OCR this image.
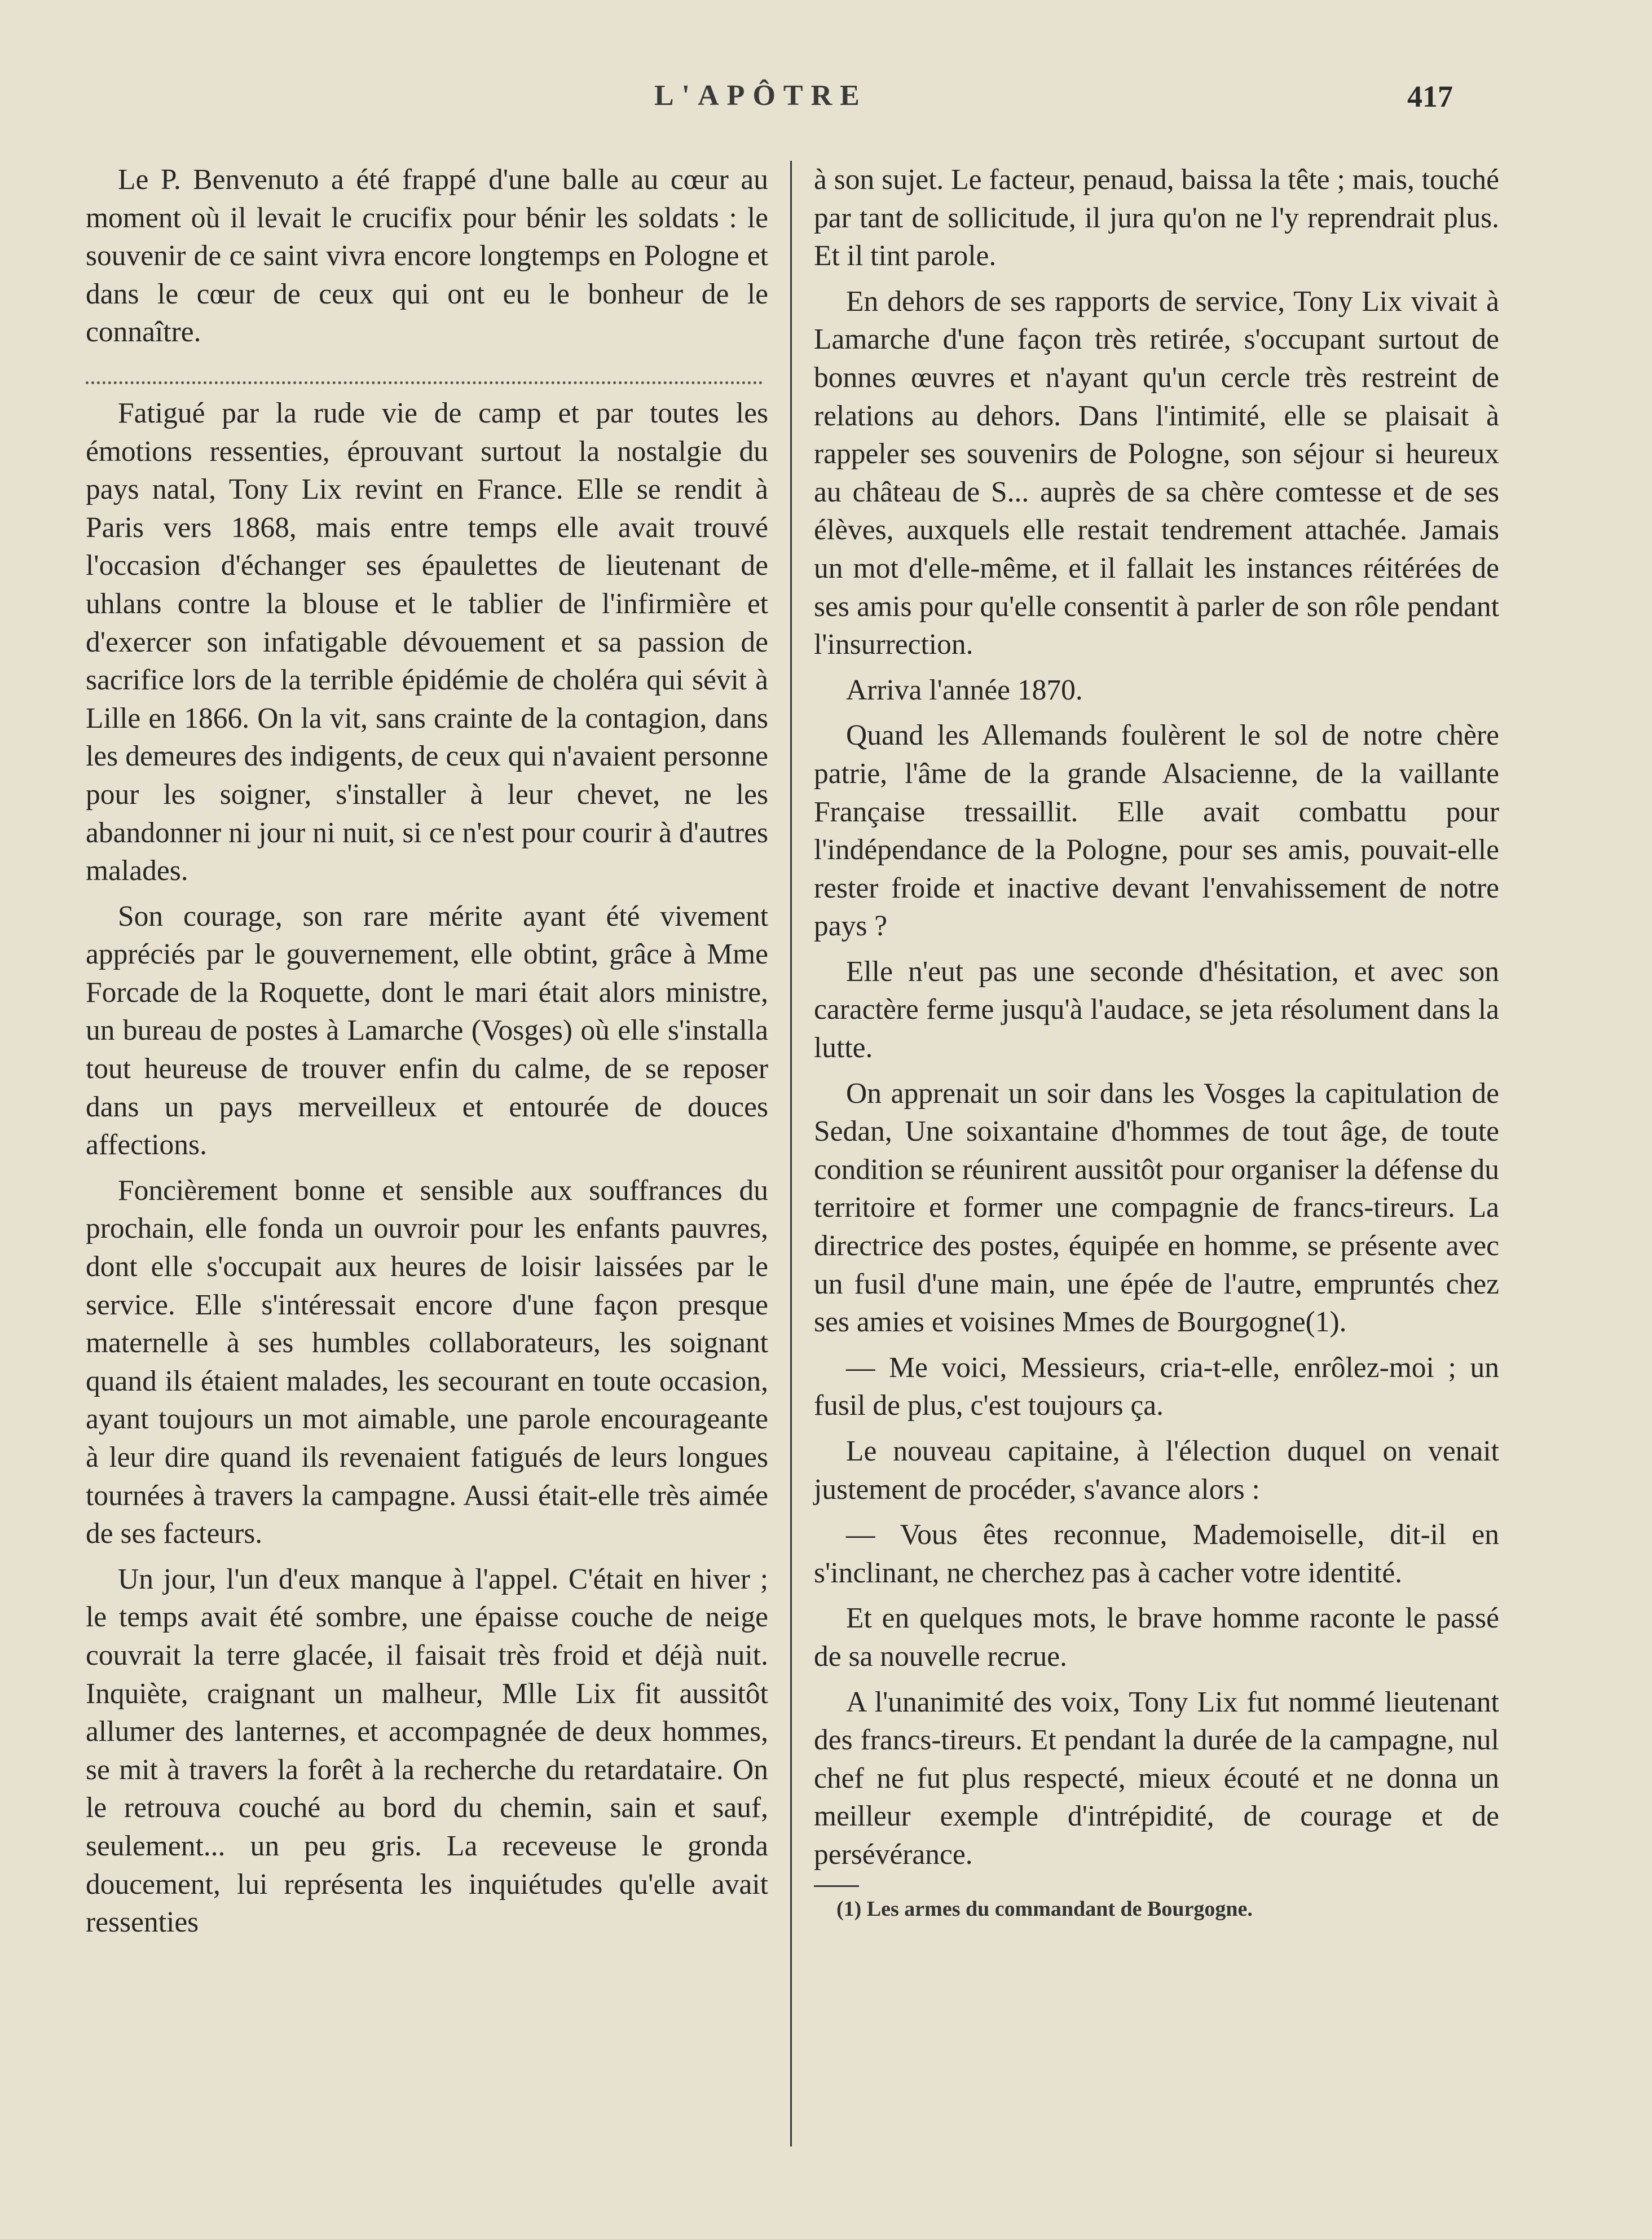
L'APÔTRE	417

Le P. Benvenuto a été frappé d'une balle au cœur au moment où il levait le crucifix pour bénir les soldats : le souvenir de ce saint vivra encore longtemps en Pologne et dans le cœur de ceux qui ont eu le bonheur de le connaître.

Fatigué par la rude vie de camp et par toutes les émotions ressenties, éprouvant surtout la nostalgie du pays natal, Tony Lix revint en France. Elle se rendit à Paris vers 1868, mais entre temps elle avait trouvé l'occasion d'échanger ses épaulettes de lieutenant de uhlans contre la blouse et le tablier de l'infirmière et d'exercer son infatigable dévouement et sa passion de sacrifice lors de la terrible épidémie de choléra qui sévit à Lille en 1866. On la vit, sans crainte de la contagion, dans les demeures des indigents, de ceux qui n'avaient personne pour les soigner, s'installer à leur chevet, ne les abandonner ni jour ni nuit, si ce n'est pour courir à d'autres malades.

Son courage, son rare mérite ayant été vivement appréciés par le gouvernement, elle obtint, grâce à Mme Forcade de la Roquette, dont le mari était alors ministre, un bureau de postes à Lamarche (Vosges) où elle s'installa tout heureuse de trouver enfin du calme, de se reposer dans un pays merveilleux et entourée de douces affections.

Foncièrement bonne et sensible aux souffrances du prochain, elle fonda un ouvroir pour les enfants pauvres, dont elle s'occupait aux heures de loisir laissées par le service. Elle s'intéressait encore d'une façon presque maternelle à ses humbles collaborateurs, les soignant quand ils étaient malades, les secourant en toute occasion, ayant toujours un mot aimable, une parole encourageante à leur dire quand ils revenaient fatigués de leurs longues tournées à travers la campagne. Aussi était-elle très aimée de ses facteurs.

Un jour, l'un d'eux manque à l'appel. C'était en hiver ; le temps avait été sombre, une épaisse couche de neige couvrait la terre glacée, il faisait très froid et déjà nuit. Inquiète, craignant un malheur, Mlle Lix fit aussitôt allumer des lanternes, et accompagnée de deux hommes, se mit à travers la forêt à la recherche du retardataire. On le retrouva couché au bord du chemin, sain et sauf, seulement... un peu gris. La receveuse le gronda doucement, lui représenta les inquiétudes qu'elle avait ressenties

à son sujet. Le facteur, penaud, baissa la tête ; mais, touché par tant de sollicitude, il jura qu'on ne l'y reprendrait plus. Et il tint parole.

En dehors de ses rapports de service, Tony Lix vivait à Lamarche d'une façon très retirée, s'occupant surtout de bonnes œuvres et n'ayant qu'un cercle très restreint de relations au dehors. Dans l'intimité, elle se plaisait à rappeler ses souvenirs de Pologne, son séjour si heureux au château de S... auprès de sa chère comtesse et de ses élèves, auxquels elle restait tendrement attachée. Jamais un mot d'elle-même, et il fallait les instances réitérées de ses amis pour qu'elle consentit à parler de son rôle pendant l'insurrection.

Arriva l'année 1870.

Quand les Allemands foulèrent le sol de notre chère patrie, l'âme de la grande Alsacienne, de la vaillante Française tressaillit. Elle avait combattu pour l'indépendance de la Pologne, pour ses amis, pouvait-elle rester froide et inactive devant l'envahissement de notre pays ?

Elle n'eut pas une seconde d'hésitation, et avec son caractère ferme jusqu'à l'audace, se jeta résolument dans la lutte.

On apprenait un soir dans les Vosges la capitulation de Sedan, Une soixantaine d'hommes de tout âge, de toute condition se réunirent aussitôt pour organiser la défense du territoire et former une compagnie de francs-tireurs. La directrice des postes, équipée en homme, se présente avec un fusil d'une main, une épée de l'autre, empruntés chez ses amies et voisines Mmes de Bourgogne(1).

— Me voici, Messieurs, cria-t-elle, enrôlez-moi ; un fusil de plus, c'est toujours ça.

Le nouveau capitaine, à l'élection duquel on venait justement de procéder, s'avance alors :

— Vous êtes reconnue, Mademoiselle, dit-il en s'inclinant, ne cherchez pas à cacher votre identité.

Et en quelques mots, le brave homme raconte le passé de sa nouvelle recrue.

A l'unanimité des voix, Tony Lix fut nommé lieutenant des francs-tireurs. Et pendant la durée de la campagne, nul chef ne fut plus respecté, mieux écouté et ne donna un meilleur exemple d'intrépidité, de courage et de persévérance.

(1) Les armes du commandant de Bourgogne.
